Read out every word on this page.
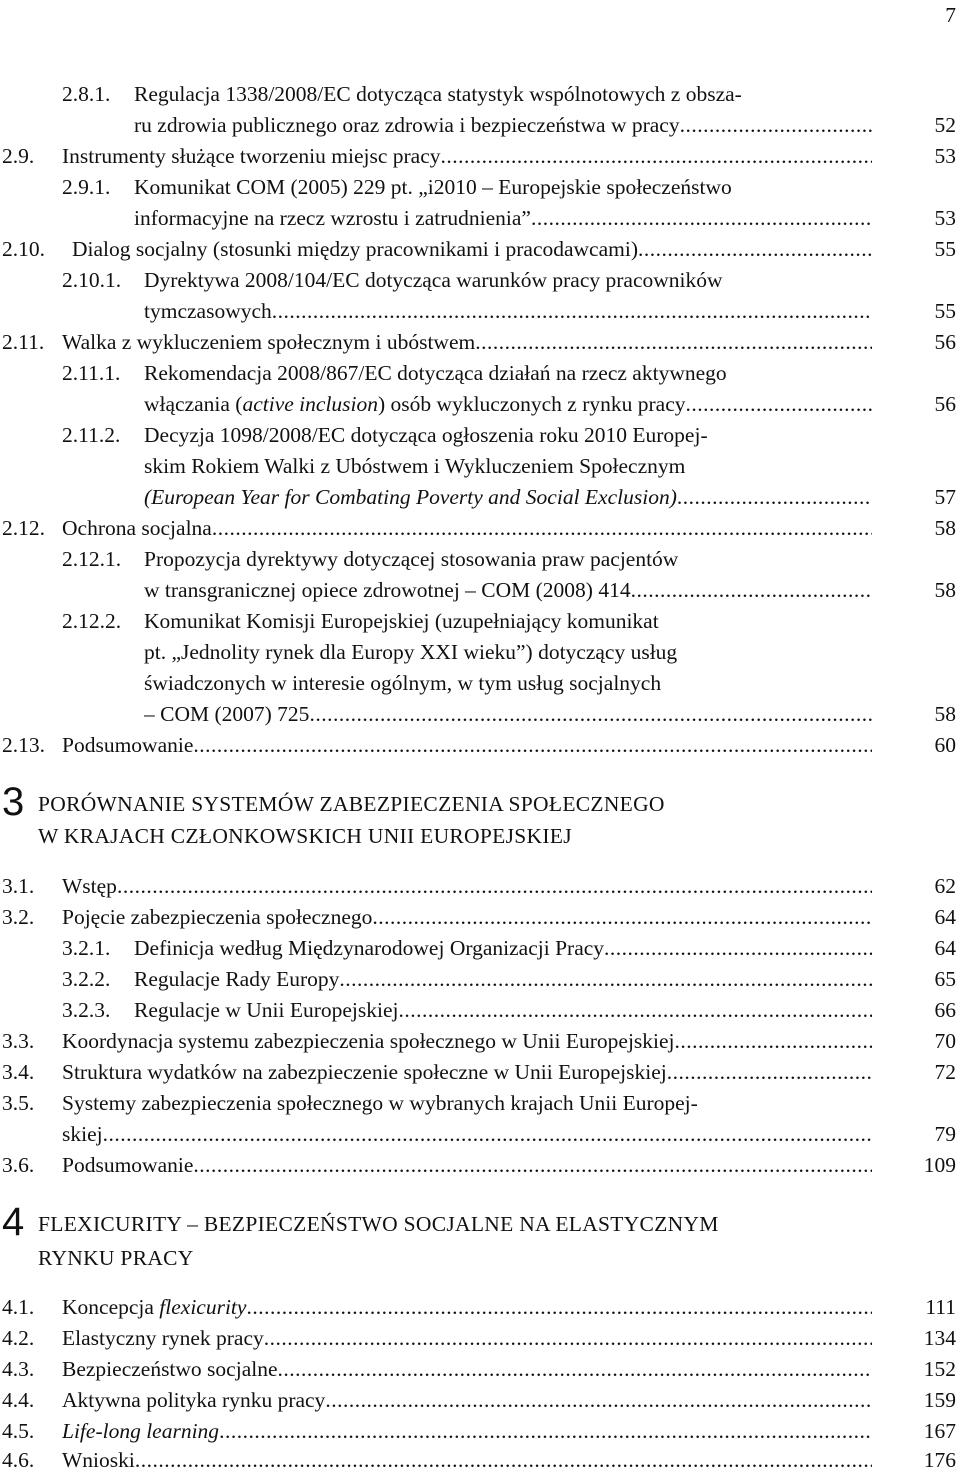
7
2.8.1. Regulacja 1338/2008/EC dotycząca statystyk wspólnotowych z obsza-
ru zdrowia publicznego oraz zdrowia i bezpieczeństwa w pracy .....	52
2.9. Instrumenty służące tworzeniu miejsc pracy .....	53
2.9.1. Komunikat COM (2005) 229 pt. „i2010 – Europejskie społeczeństwo
informacyjne na rzecz wzrostu i zatrudnienia” .....	53
2.10. Dialog socjalny (stosunki między pracownikami i pracodawcami) .....	55
2.10.1. Dyrektywa 2008/104/EC dotycząca warunków pracy pracowników
tymczasowych .....	55
2.11. Walka z wykluczeniem społecznym i ubóstwem .....	56
2.11.1. Rekomendacja 2008/867/EC dotycząca działań na rzecz aktywnego
włączania (active inclusion) osób wykluczonych z rynku pracy .....	56
2.11.2. Decyzja 1098/2008/EC dotycząca ogłoszenia roku 2010 Europej-
skim Rokiem Walki z Ubóstwem i Wykluczeniem Społecznym
(European Year for Combating Poverty and Social Exclusion) .....	57
2.12. Ochrona socjalna .....	58
2.12.1. Propozycja dyrektywy dotyczącej stosowania praw pacjentów
w transgranicznej opiece zdrowotnej – COM (2008) 414 .....	58
2.12.2. Komunikat Komisji Europejskiej (uzupełniający komunikat
pt. „Jednolity rynek dla Europy XXI wieku”) dotyczący usług
świadczonych w interesie ogólnym, w tym usług socjalnych
– COM (2007) 725 .....	58
2.13. Podsumowanie .....	60
3 PORÓWNANIE SYSTEMÓW ZABEZPIECZENIA SPOŁECZNEGO
W KRAJACH CZŁONKOWSKICH UNII EUROPEJSKIEJ
3.1. Wstęp .....	62
3.2. Pojęcie zabezpieczenia społecznego .....	64
3.2.1. Definicja według Międzynarodowej Organizacji Pracy .....	64
3.2.2. Regulacje Rady Europy .....	65
3.2.3. Regulacje w Unii Europejskiej .....	66
3.3. Koordynacja systemu zabezpieczenia społecznego w Unii Europejskiej .....	70
3.4. Struktura wydatków na zabezpieczenie społeczne w Unii Europejskiej .....	72
3.5. Systemy zabezpieczenia społecznego w wybranych krajach Unii Europej-
skiej .....	79
3.6. Podsumowanie .....	109
4 FLEXICURITY – BEZPIECZEŃSTWO SOCJALNE NA ELASTYCZNYM
RYNKU PRACY
4.1. Koncepcja flexicurity .....	111
4.2. Elastyczny rynek pracy .....	134
4.3. Bezpieczeństwo socjalne .....	152
4.4. Aktywna polityka rynku pracy .....	159
4.5. Life-long learning .....	167
4.6. Wnioski .....	176
